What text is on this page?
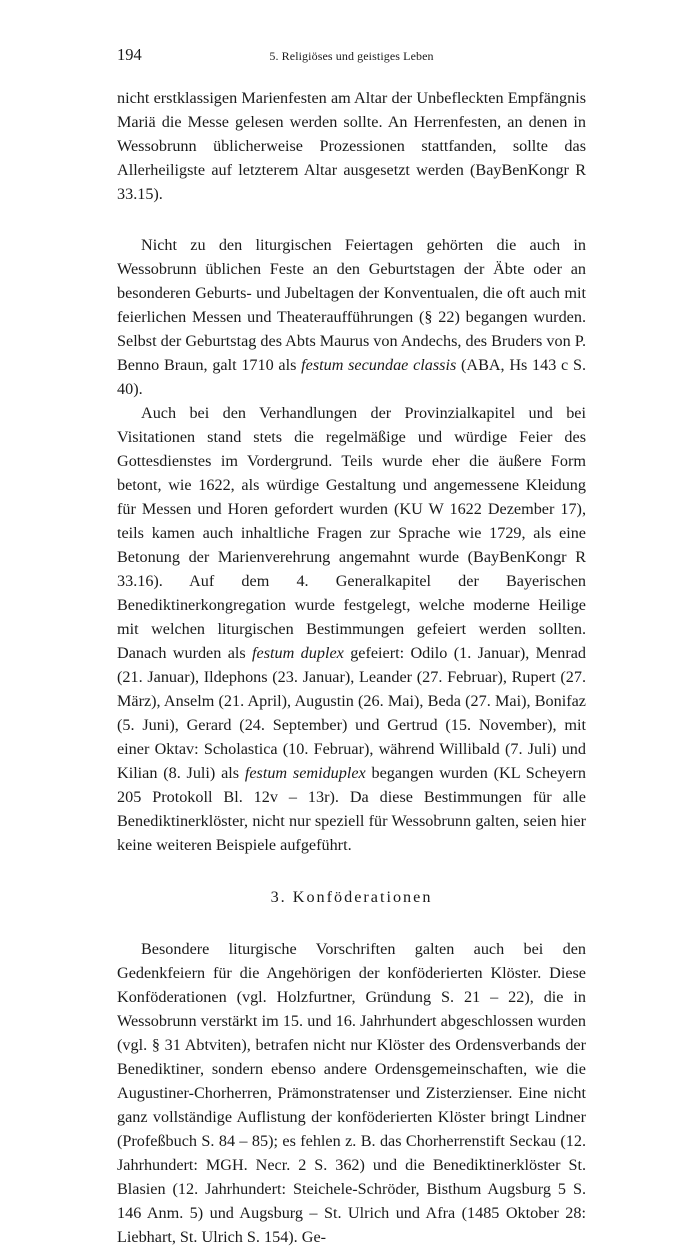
194	5. Religiöses und geistiges Leben

nicht erstklassigen Marienfesten am Altar der Unbefleckten Empfängnis Mariä die Messe gelesen werden sollte. An Herrenfesten, an denen in Wessobrunn üblicherweise Prozessionen stattfanden, sollte das Allerheiligste auf letzterem Altar ausgesetzt werden (BayBenKongr R 33.15).

Nicht zu den liturgischen Feiertagen gehörten die auch in Wessobrunn üblichen Feste an den Geburtstagen der Äbte oder an besonderen Geburts- und Jubeltagen der Konventualen, die oft auch mit feierlichen Messen und Theateraufführungen (§ 22) begangen wurden. Selbst der Geburtstag des Abts Maurus von Andechs, des Bruders von P. Benno Braun, galt 1710 als festum secundae classis (ABA, Hs 143 c S. 40).

Auch bei den Verhandlungen der Provinzialkapitel und bei Visitationen stand stets die regelmäßige und würdige Feier des Gottesdienstes im Vordergrund. Teils wurde eher die äußere Form betont, wie 1622, als würdige Gestaltung und angemessene Kleidung für Messen und Horen gefordert wurden (KU W 1622 Dezember 17), teils kamen auch inhaltliche Fragen zur Sprache wie 1729, als eine Betonung der Marienverehrung angemahnt wurde (BayBenKongr R 33.16). Auf dem 4. Generalkapitel der Bayerischen Benediktinerkongregation wurde festgelegt, welche moderne Heilige mit welchen liturgischen Bestimmungen gefeiert werden sollten. Danach wurden als festum duplex gefeiert: Odilo (1. Januar), Menrad (21. Januar), Ildephons (23. Januar), Leander (27. Februar), Rupert (27. März), Anselm (21. April), Augustin (26. Mai), Beda (27. Mai), Bonifaz (5. Juni), Gerard (24. September) und Gertrud (15. November), mit einer Oktav: Scholastica (10. Februar), während Willibald (7. Juli) und Kilian (8. Juli) als festum semiduplex begangen wurden (KL Scheyern 205 Protokoll Bl. 12v – 13r). Da diese Bestimmungen für alle Benediktinerklöster, nicht nur speziell für Wessobrunn galten, seien hier keine weiteren Beispiele aufgeführt.

3. Konföderationen

Besondere liturgische Vorschriften galten auch bei den Gedenkfeiern für die Angehörigen der konföderierten Klöster. Diese Konföderationen (vgl. Holzfurtner, Gründung S. 21 – 22), die in Wessobrunn verstärkt im 15. und 16. Jahrhundert abgeschlossen wurden (vgl. § 31 Abtviten), betrafen nicht nur Klöster des Ordensverbands der Benediktiner, sondern ebenso andere Ordensgemeinschaften, wie die Augustiner-Chorherren, Prämonstratenser und Zisterzienser. Eine nicht ganz vollständige Auflistung der konföderierten Klöster bringt Lindner (Profeßbuch S. 84 – 85); es fehlen z. B. das Chorherrenstift Seckau (12. Jahrhundert: MGH. Necr. 2 S. 362) und die Benediktinerklöster St. Blasien (12. Jahrhundert: Steichele-Schröder, Bisthum Augsburg 5 S. 146 Anm. 5) und Augsburg – St. Ulrich und Afra (1485 Oktober 28: Liebhart, St. Ulrich S. 154). Ge-
